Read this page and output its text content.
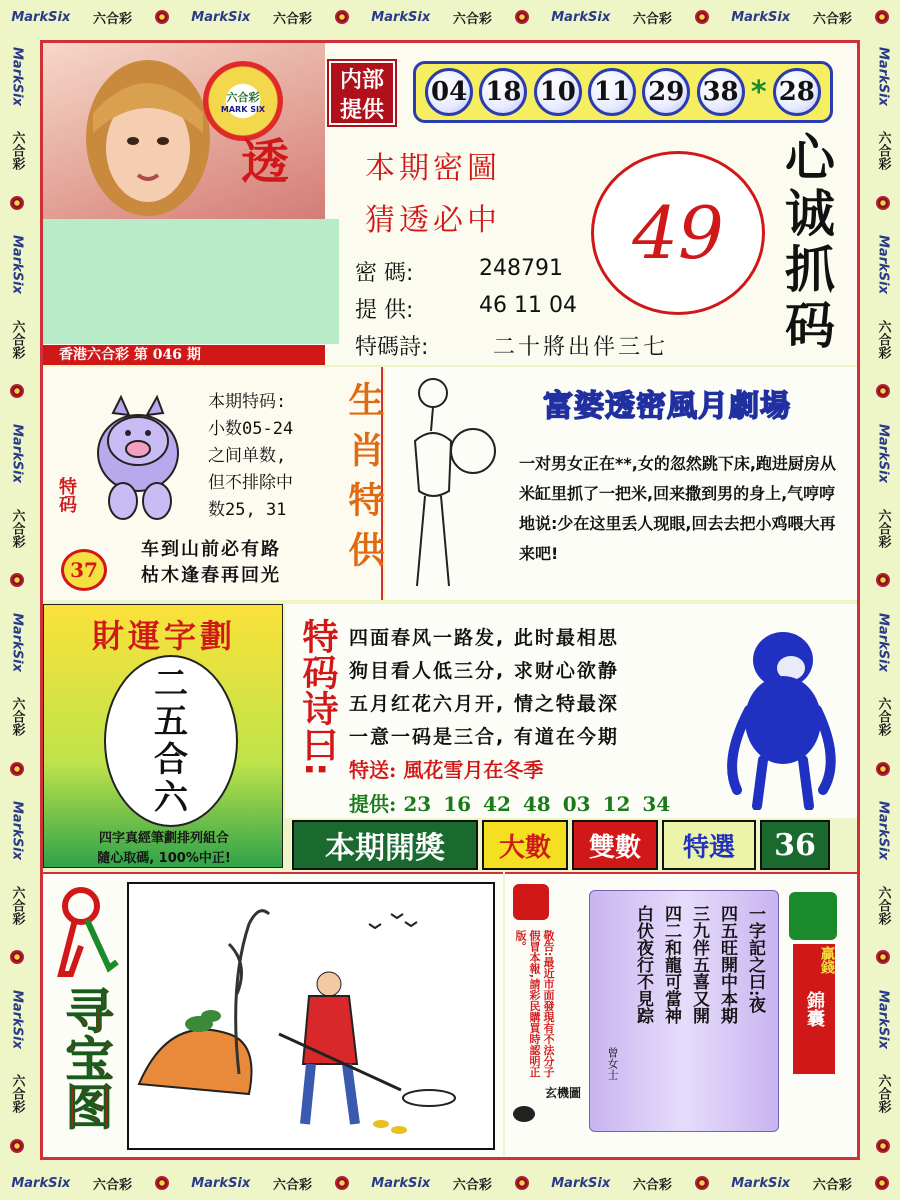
MarkSix 六合彩	MarkSix 六合彩	MarkSix 六合彩	MarkSix 六合彩	MarkSix 六合彩
MarkSix 六合彩	MarkSix 六合彩	MarkSix 六合彩	MarkSix 六合彩	MarkSix 六合彩
MarkSix
六合彩
MarkSix
六合彩
MarkSix
六合彩
MarkSix
六合彩
MarkSix
六合彩
MarkSix
六合彩
MarkSix
六合彩
MarkSix
六合彩
MarkSix
六合彩
MarkSix
六合彩
MarkSix
六合彩
MarkSix
六合彩
六合彩
MARK SIX
透
香港六合彩 第 046 期
内部提供
04 18 10 11 29 38 * 28
本期密圖
猜透必中
密 碼:	248791
提 供:	46 11 04
特碼詩:	二十將出伴三七
49 心诚抓码
特码
37
本期特码:
小数05-24
之间单数,
但不排除中
数25, 31
车到山前必有路
枯木逢春再回光 生肖特供	富婆透密風月劇場
一对男女正在**,女的忽然跳下床,跑进厨房从米缸里抓了一把米,回来撒到男的身上,气哼哼地说:少在这里丢人现眼,回去去把小鸡喂大再来吧!
財運字劃
二
五
合
六
四字真經筆劃排列組合
隨心取碼, 100%中正!
特码诗曰: 四面春风一路发, 此时最相思
狗目看人低三分, 求财心欲静
五月红花六月开, 情之特最深
一意一码是三合, 有道在今期
特送: 風花雪月在冬季
提供: 23 16 42 48 03 12 34
本期開獎	大數	雙數	特選	36
寻宝图	敬告:最近市面發現有不法分子假冒本報,請彩民購買時認明正版。
玄機圖
一字記之曰:夜
四五旺開中本期
三九伴五喜又開
四二和龍可當神
白伏夜行不見踪
曾女士
錦囊
贏錢
